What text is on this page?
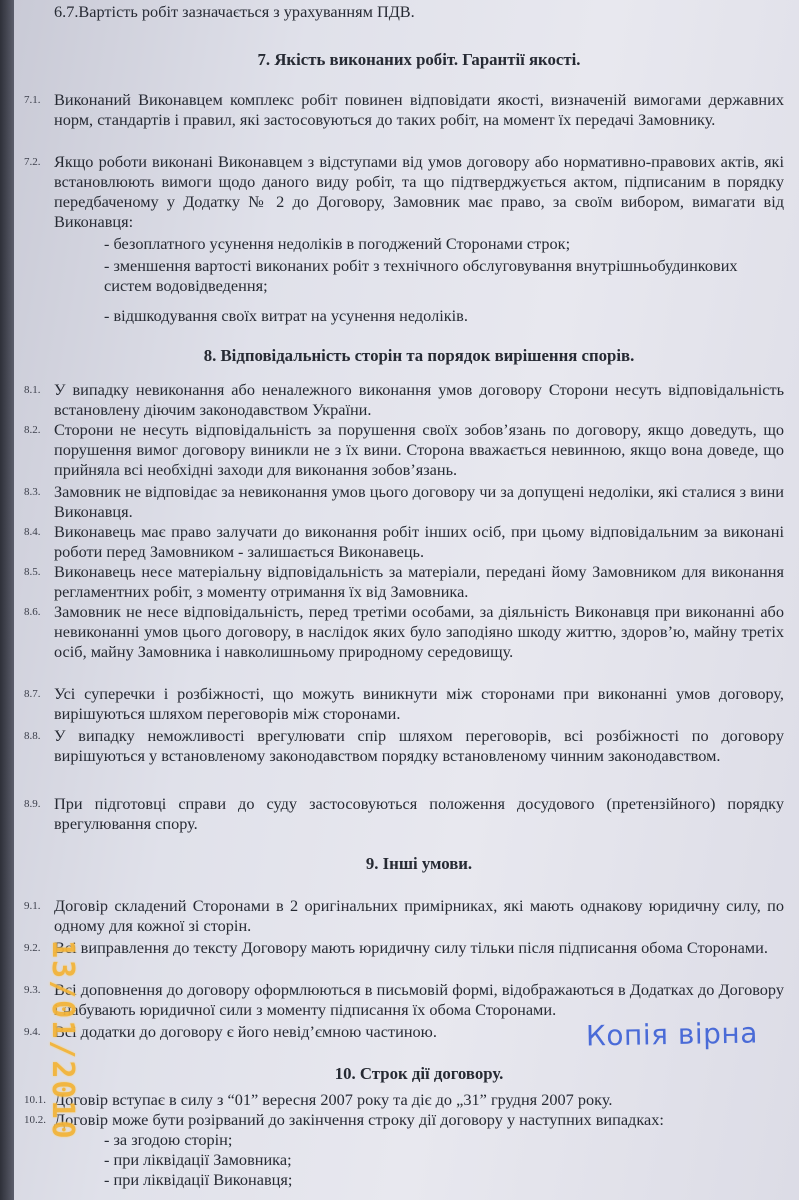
6.7.Вартість робіт зазначається з урахуванням ПДВ.
7. Якість виконаних робіт. Гарантії якості.
7.1. Виконаний Виконавцем комплекс робіт повинен відповідати якості, визначеній вимогами державних норм, стандартів і правил, які застосовуються до таких робіт, на момент їх передачі Замовнику.
7.2. Якщо роботи виконані Виконавцем з відступами від умов договору або нормативно-правових актів, які встановлюють вимоги щодо даного виду робіт, та що підтверджується актом, підписаним в порядку передбаченому у Додатку № 2 до Договору, Замовник має право, за своїм вибором, вимагати від Виконавця:
- безоплатного усунення недоліків в погоджений Сторонами строк;
- зменшення вартості виконаних робіт з технічного обслуговування внутрішньобудинкових систем водовідведення;
- відшкодування своїх витрат на усунення недоліків.
8. Відповідальність сторін та порядок вирішення спорів.
8.1. У випадку невиконання або неналежного виконання умов договору Сторони несуть відповідальність встановлену діючим законодавством України.
8.2. Сторони не несуть відповідальність за порушення своїх зобов’язань по договору, якщо доведуть, що порушення вимог договору виникли не з їх вини. Сторона вважається невинною, якщо вона доведе, що прийняла всі необхідні заходи для виконання зобов’язань.
8.3. Замовник не відповідає за невиконання умов цього договору чи за допущені недоліки, які сталися з вини Виконавця.
8.4. Виконавець має право залучати до виконання робіт інших осіб, при цьому відповідальним за виконані роботи перед Замовником - залишається Виконавець.
8.5. Виконавець несе матеріальну відповідальність за матеріали, передані йому Замовником для виконання регламентних робіт, з моменту отримання їх від Замовника.
8.6. Замовник не несе відповідальність, перед третіми особами, за діяльність Виконавця при виконанні або невиконанні умов цього договору, в наслідок яких було заподіяно шкоду життю, здоров’ю, майну третіх осіб, майну Замовника і навколишньому природному середовищу.
8.7. Усі суперечки і розбіжності, що можуть виникнути між сторонами при виконанні умов договору, вирішуються шляхом переговорів між сторонами.
8.8. У випадку неможливості врегулювати спір шляхом переговорів, всі розбіжності по договору вирішуються у встановленому законодавством порядку встановленому чинним законодавством.
8.9. При підготовці справи до суду застосовуються положення досудового (претензійного) порядку врегулювання спору.
9. Інші умови.
9.1. Договір складений Сторонами в 2 оригінальних примірниках, які мають однакову юридичну силу, по одному для кожної зі сторін.
9.2. Всі виправлення до тексту Договору мають юридичну силу тільки після підписання обома Сторонами.
9.3. Всі доповнення до договору оформлюються в письмовій формі, відображаються в Додатках до Договору і набувають юридичної сили з моменту підписання їх обома Сторонами.
9.4. Всі додатки до договору є його невід’ємною частиною.
10. Строк дії договору.
10.1. Договір вступає в силу з “01” вересня 2007 року та діє до „31” грудня 2007 року.
10.2. Договір може бути розірваний до закінчення строку дії договору у наступних випадках:
- за згодою сторін;
- при ліквідації Замовника;
- при ліквідації Виконавця;
Копія вірна
13/01/2010
